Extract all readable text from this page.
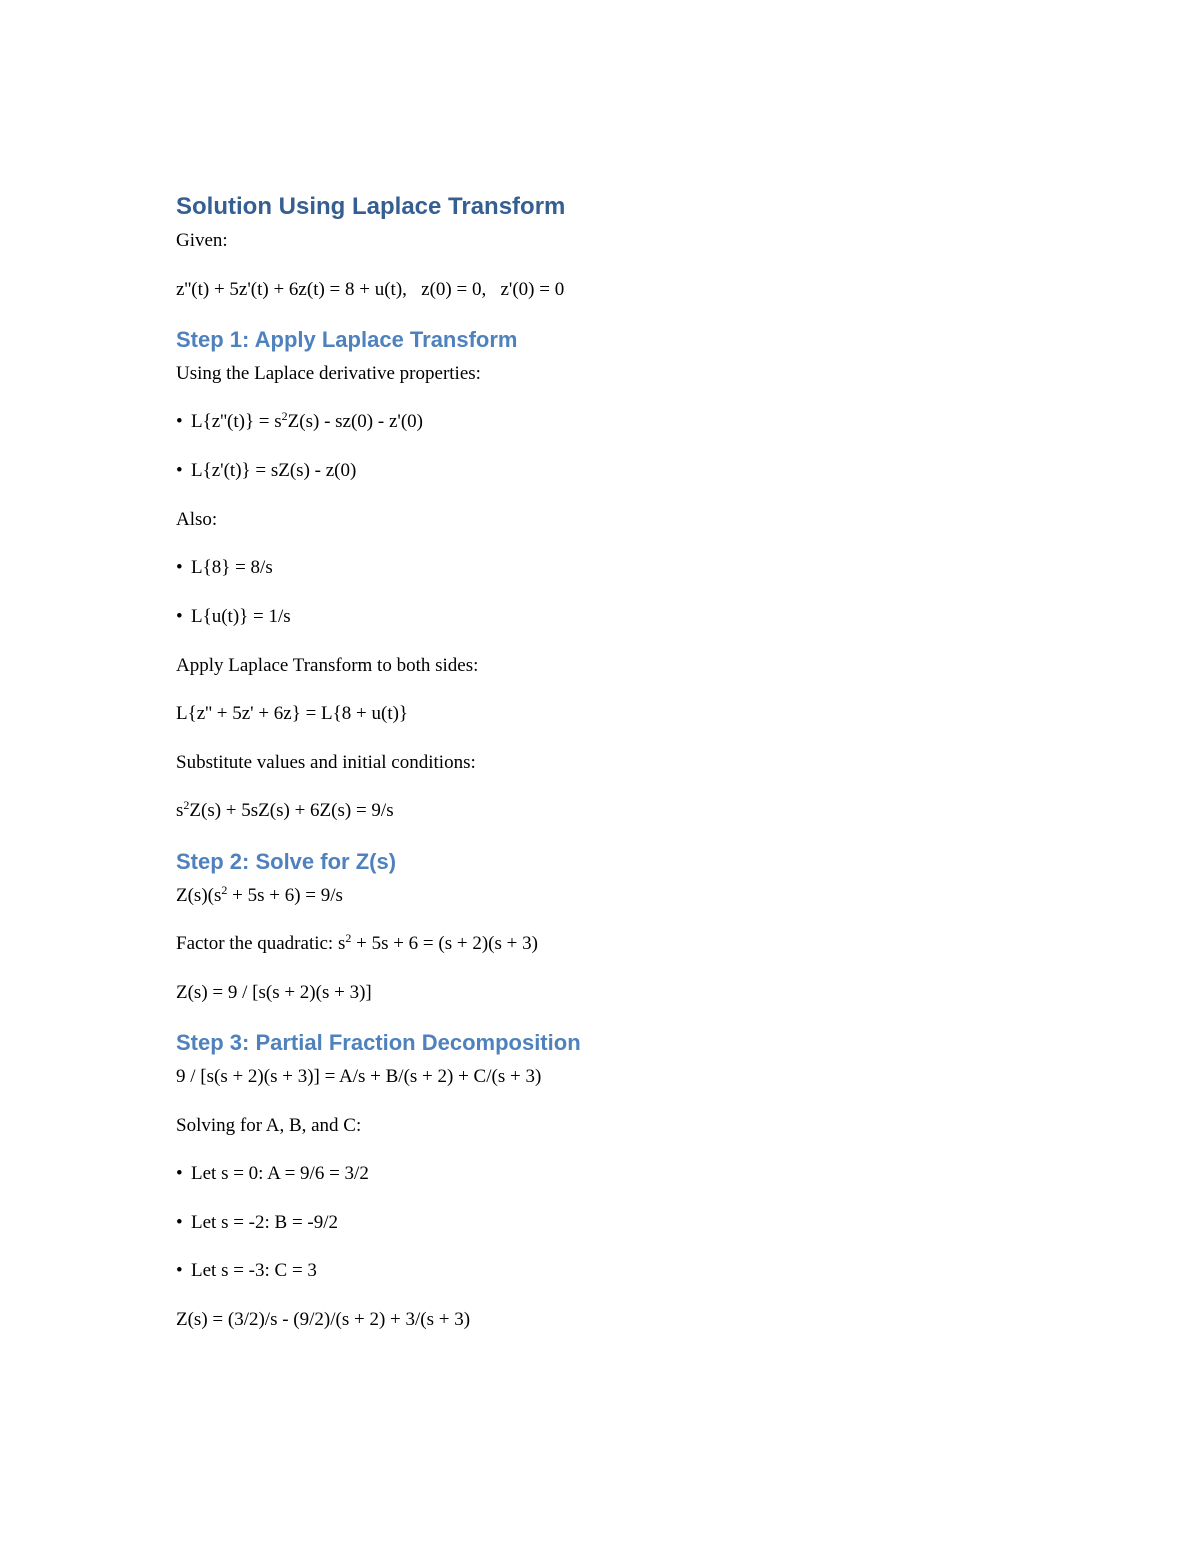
Solution Using Laplace Transform
Given:
z''(t) + 5z'(t) + 6z(t) = 8 + u(t),   z(0) = 0,   z'(0) = 0
Step 1: Apply Laplace Transform
Using the Laplace derivative properties:
• $L\{z''(t)\} = s^2Z(s) - sz(0) - z'(0)$
• L{z'(t)} = sZ(s) - z(0)
Also:
• L{8} = 8/s
• L{u(t)} = 1/s
Apply Laplace Transform to both sides:
L{z'' + 5z' + 6z} = L{8 + u(t)}
Substitute values and initial conditions:
$s^2Z(s) + 5sZ(s) + 6Z(s) = 9/s$
Step 2: Solve for Z(s)
$Z(s)(s^2 + 5s + 6) = 9/s$
Factor the quadratic: $s^2 + 5s + 6 = (s + 2)(s + 3)$
Z(s) = 9 / [s(s + 2)(s + 3)]
Step 3: Partial Fraction Decomposition
9 / [s(s + 2)(s + 3)] = A/s + B/(s + 2) + C/(s + 3)
Solving for A, B, and C:
• Let s = 0: A = 9/6 = 3/2
• Let s = -2: B = -9/2
• Let s = -3: C = 3
Z(s) = (3/2)/s - (9/2)/(s + 2) + 3/(s + 3)
